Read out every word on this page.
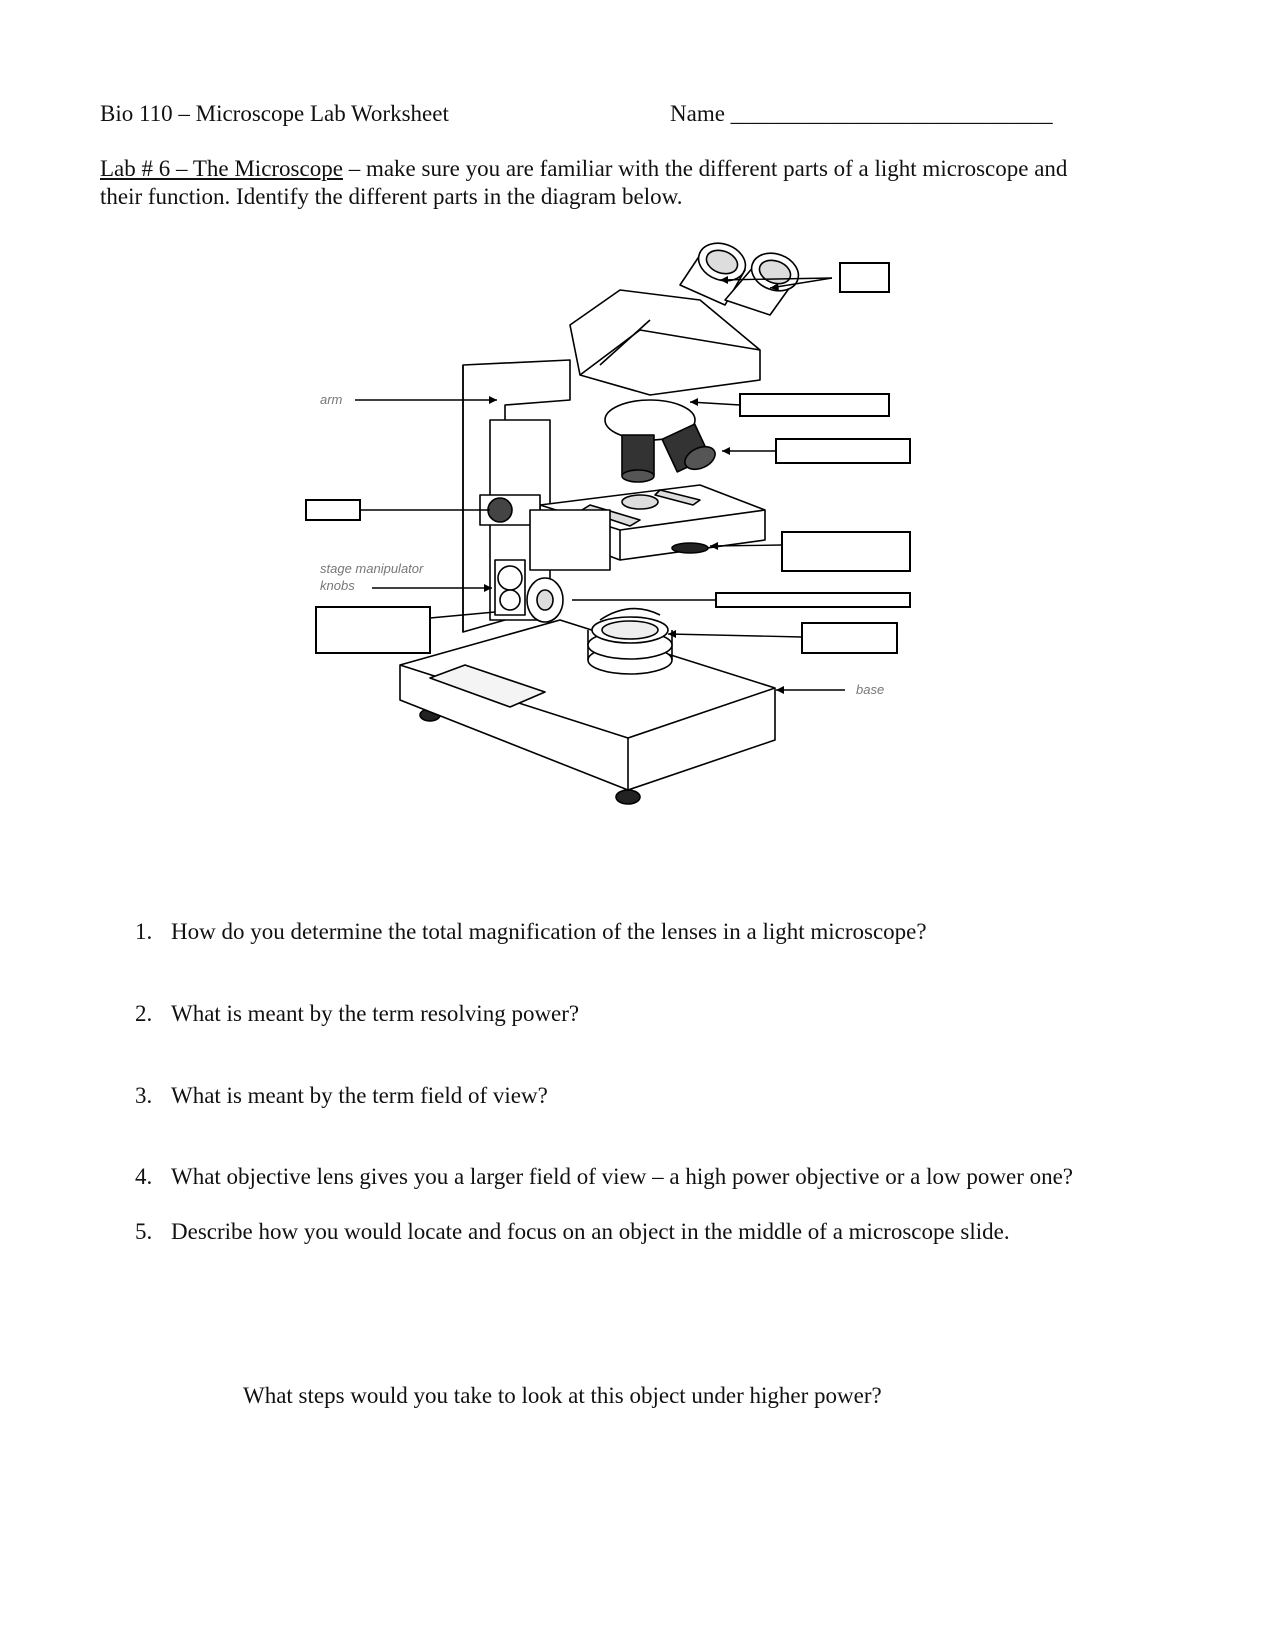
Bio 110 – Microscope Lab Worksheet	Name ____________________________
Lab # 6 – The Microscope – make sure you are familiar with the different parts of a light microscope and
their function. Identify the different parts in the diagram below.
arm
stage manipulator
knobs
base
1. How do you determine the total magnification of the lenses in a light microscope?
2. What is meant by the term resolving power?
3. What is meant by the term field of view?
4. What objective lens gives you a larger field of view – a high power objective or a low power one?
5. Describe how you would locate and focus on an object in the middle of a microscope slide.
What steps would you take to look at this object under higher power?
